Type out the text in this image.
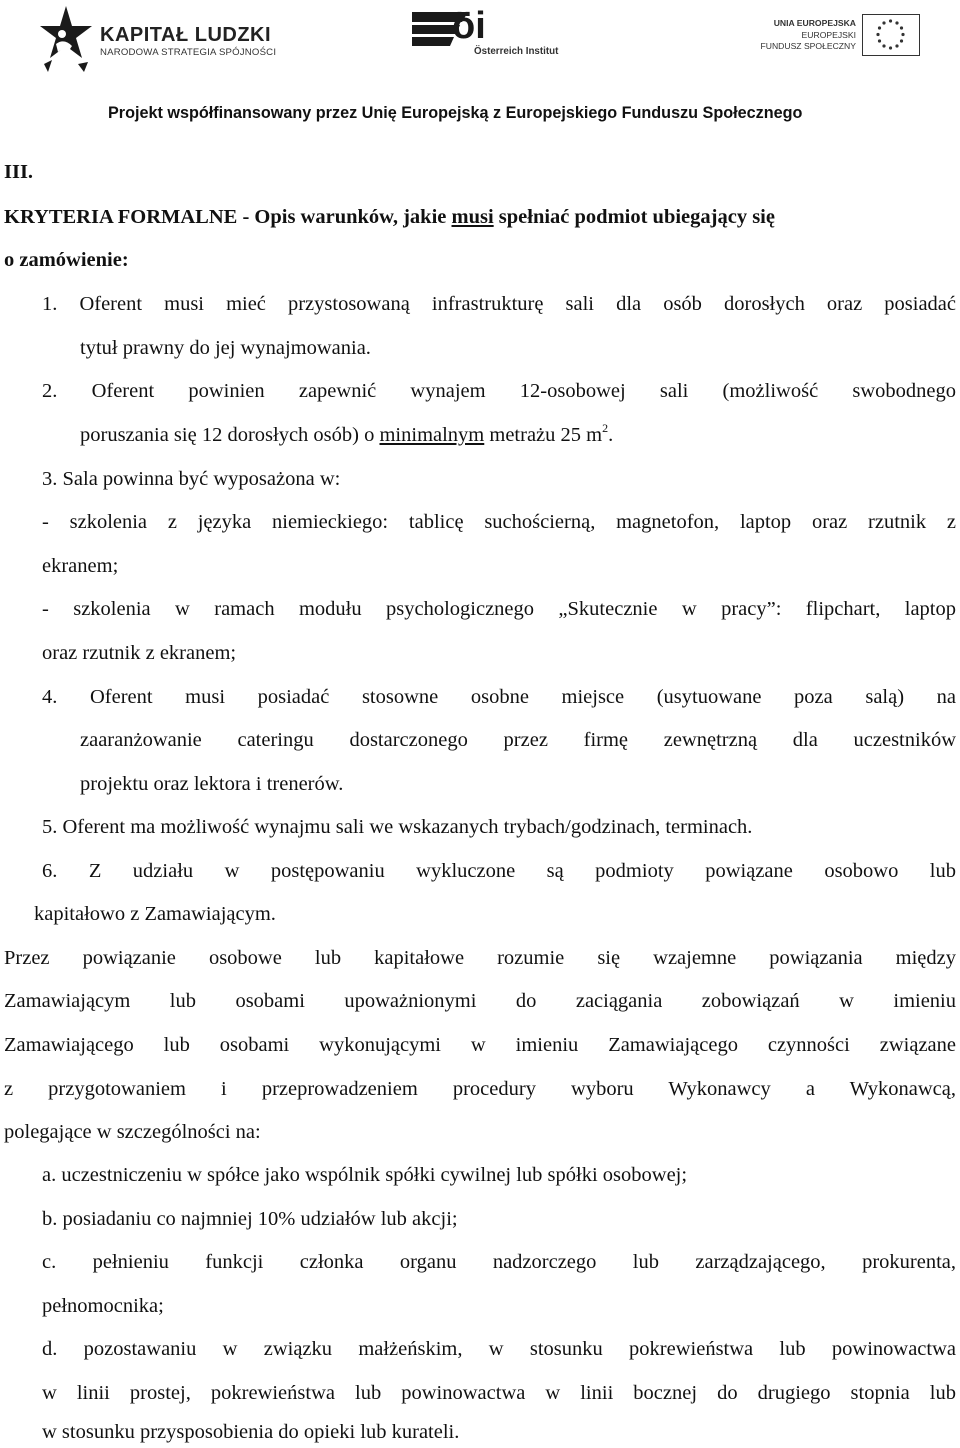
KAPITAŁ LUDZKI
NARODOWA STRATEGIA SPÓJNOŚCI
öi
Österreich Institut
UNIA EUROPEJSKA
EUROPEJSKI
FUNDUSZ SPOŁECZNY
Projekt współfinansowany przez Unię Europejską z Europejskiego Funduszu Społecznego
III.
KRYTERIA FORMALNE - Opis warunków, jakie musi spełniać podmiot ubiegający się
o zamówienie:
1. Oferent musi mieć przystosowaną infrastrukturę sali dla osób dorosłych oraz posiadać
tytuł prawny do jej wynajmowania.
2. Oferent powinien zapewnić wynajem 12-osobowej sali (możliwość swobodnego
poruszania się 12 dorosłych osób) o minimalnym metrażu 25 $m^2$.
3. Sala powinna być wyposażona w:
- szkolenia z języka niemieckiego: tablicę suchościerną, magnetofon, laptop oraz rzutnik z
ekranem;
- szkolenia w ramach modułu psychologicznego „Skutecznie w pracy”: flipchart, laptop
oraz rzutnik z ekranem;
4. Oferent musi posiadać stosowne osobne miejsce (usytuowane poza salą) na
zaaranżowanie cateringu dostarczonego przez firmę zewnętrzną dla uczestników
projektu oraz lektora i trenerów.
5. Oferent ma możliwość wynajmu sali we wskazanych trybach/godzinach, terminach.
6. Z udziału w postępowaniu wykluczone są podmioty powiązane osobowo lub
kapitałowo z Zamawiającym.
Przez powiązanie osobowe lub kapitałowe rozumie się wzajemne powiązania między
Zamawiającym lub osobami upoważnionymi do zaciągania zobowiązań w imieniu
Zamawiającego lub osobami wykonującymi w imieniu Zamawiającego czynności związane
z przygotowaniem i przeprowadzeniem procedury wyboru Wykonawcy a Wykonawcą,
polegające w szczególności na:
a. uczestniczeniu w spółce jako wspólnik spółki cywilnej lub spółki osobowej;
b. posiadaniu co najmniej 10% udziałów lub akcji;
c. pełnieniu funkcji członka organu nadzorczego lub zarządzającego, prokurenta,
pełnomocnika;
d. pozostawaniu w związku małżeńskim, w stosunku pokrewieństwa lub powinowactwa
w linii prostej, pokrewieństwa lub powinowactwa w linii bocznej do drugiego stopnia lub
w stosunku przysposobienia do opieki lub kurateli.
